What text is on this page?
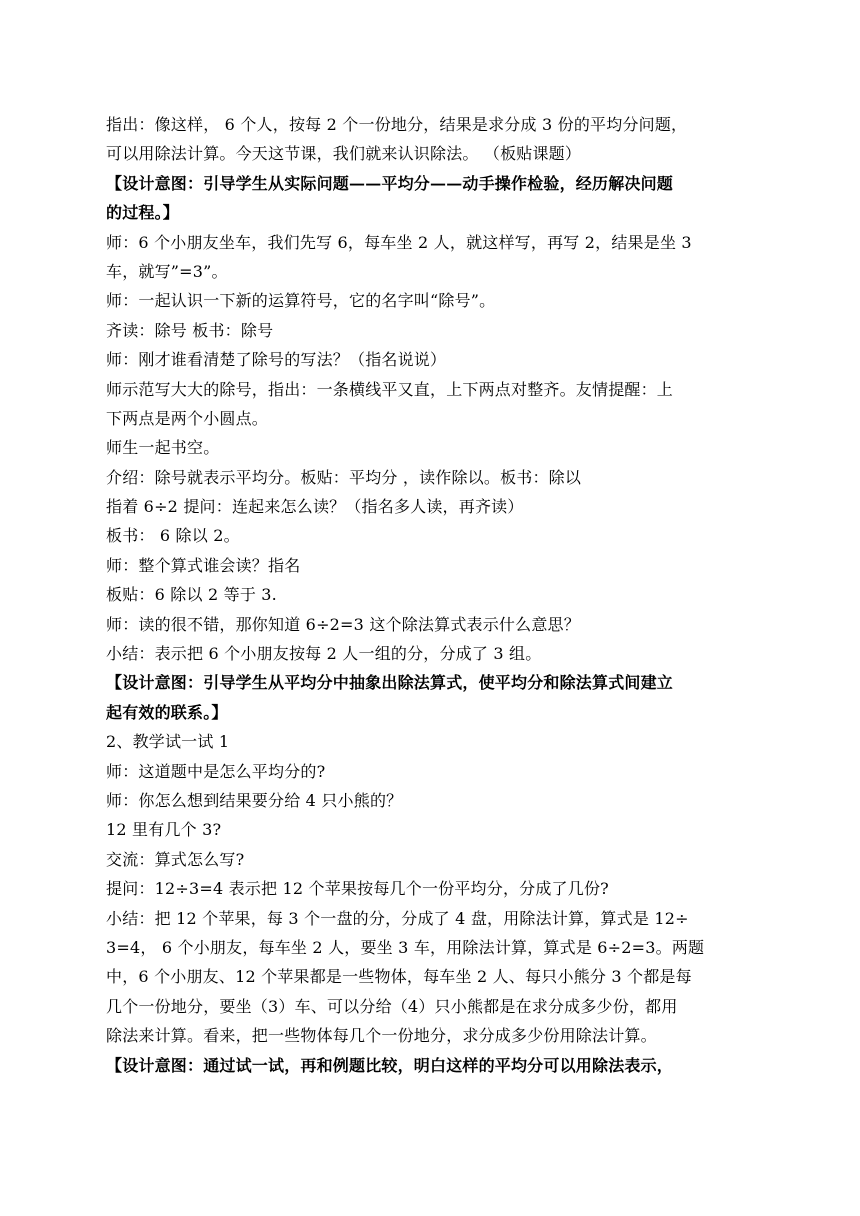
指出：像这样， 6 个人，按每 2 个一份地分，结果是求分成 3 份的平均分问题，
可以用除法计算。今天这节课，我们就来认识除法。 （板贴课题）
【设计意图：引导学生从实际问题——平均分——动手操作检验，经历解决问题
的过程。】
师：6 个小朋友坐车，我们先写 6，每车坐 2 人，就这样写，再写 2，结果是坐 3
车，就写”=3”。
师：一起认识一下新的运算符号，它的名字叫“除号”。
齐读：除号 板书：除号
师：刚才谁看清楚了除号的写法？（指名说说）
师示范写大大的除号，指出：一条横线平又直，上下两点对整齐。友情提醒：上
下两点是两个小圆点。
师生一起书空。
介绍：除号就表示平均分。板贴：平均分 ，读作除以。板书：除以
指着 6÷2 提问：连起来怎么读？（指名多人读，再齐读）
板书： 6 除以 2。
师：整个算式谁会读？指名
板贴：6 除以 2 等于 3.
师：读的很不错，那你知道 6÷2=3 这个除法算式表示什么意思？
小结：表示把 6 个小朋友按每 2 人一组的分，分成了 3 组。
【设计意图：引导学生从平均分中抽象出除法算式，使平均分和除法算式间建立
起有效的联系。】
2、教学试一试 1
师：这道题中是怎么平均分的?
师：你怎么想到结果要分给 4 只小熊的？
12 里有几个 3?
交流：算式怎么写?
提问：12÷3=4 表示把 12 个苹果按每几个一份平均分，分成了几份?
小结：把 12 个苹果，每 3 个一盘的分，分成了 4 盘，用除法计算，算式是 12÷
3=4， 6 个小朋友，每车坐 2 人，要坐 3 车，用除法计算，算式是 6÷2=3。两题
中，6 个小朋友、12 个苹果都是一些物体，每车坐 2 人、每只小熊分 3 个都是每
几个一份地分，要坐（3）车、可以分给（4）只小熊都是在求分成多少份，都用
除法来计算。看来，把一些物体每几个一份地分，求分成多少份用除法计算。
【设计意图：通过试一试，再和例题比较，明白这样的平均分可以用除法表示，
